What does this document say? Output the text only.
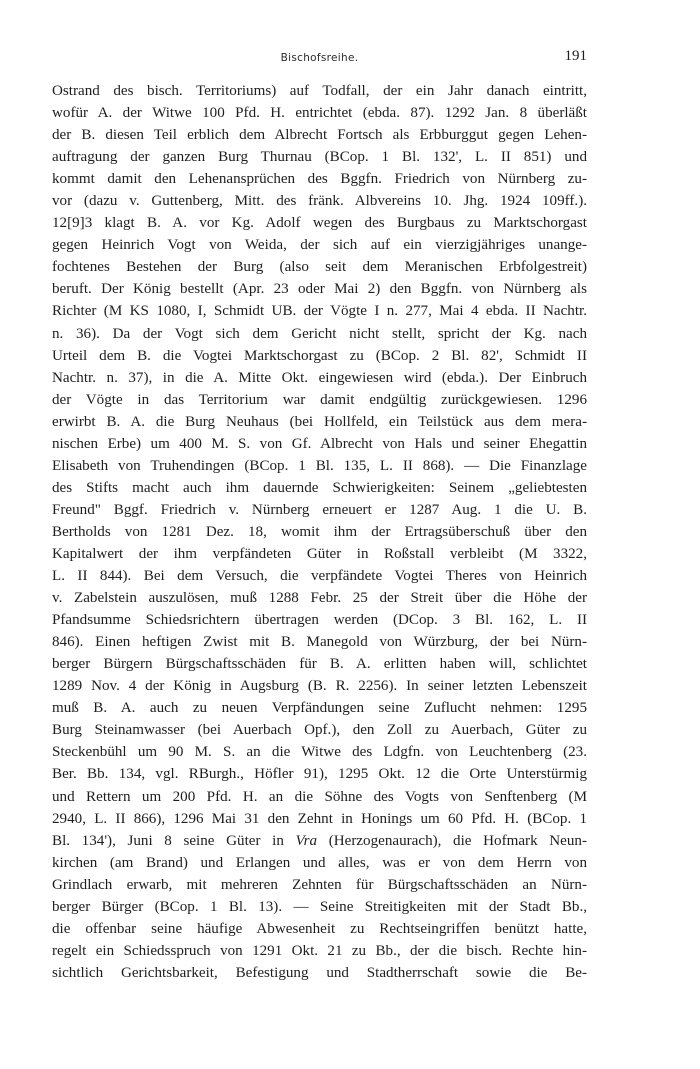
Bischofsreihe.	191
Ostrand des bisch. Territoriums) auf Todfall, der ein Jahr danach eintritt,
wofür A. der Witwe 100 Pfd. H. entrichtet (ebda. 87). 1292 Jan. 8 überläßt
der B. diesen Teil erblich dem Albrecht Fortsch als Erbburggut gegen Lehen-
auftragung der ganzen Burg Thurnau (BCop. 1 Bl. 132', L. II 851) und
kommt damit den Lehenansprüchen des Bggfn. Friedrich von Nürnberg zu-
vor (dazu v. Guttenberg, Mitt. des fränk. Albvereins 10. Jhg. 1924 109ff.).
12[9]3 klagt B. A. vor Kg. Adolf wegen des Burgbaus zu Marktschorgast
gegen Heinrich Vogt von Weida, der sich auf ein vierzigjähriges unange-
fochtenes Bestehen der Burg (also seit dem Meranischen Erbfolgestreit)
beruft. Der König bestellt (Apr. 23 oder Mai 2) den Bggfn. von Nürnberg als
Richter (M KS 1080, I, Schmidt UB. der Vögte I n. 277, Mai 4 ebda. II Nachtr.
n. 36). Da der Vogt sich dem Gericht nicht stellt, spricht der Kg. nach
Urteil dem B. die Vogtei Marktschorgast zu (BCop. 2 Bl. 82', Schmidt II
Nachtr. n. 37), in die A. Mitte Okt. eingewiesen wird (ebda.). Der Einbruch
der Vögte in das Territorium war damit endgültig zurückgewiesen. 1296
erwirbt B. A. die Burg Neuhaus (bei Hollfeld, ein Teilstück aus dem mera-
nischen Erbe) um 400 M. S. von Gf. Albrecht von Hals und seiner Ehegattin
Elisabeth von Truhendingen (BCop. 1 Bl. 135, L. II 868). — Die Finanzlage
des Stifts macht auch ihm dauernde Schwierigkeiten: Seinem „geliebtesten
Freund" Bggf. Friedrich v. Nürnberg erneuert er 1287 Aug. 1 die U. B.
Bertholds von 1281 Dez. 18, womit ihm der Ertragsüberschuß über den
Kapitalwert der ihm verpfändeten Güter in Roßstall verbleibt (M 3322,
L. II 844). Bei dem Versuch, die verpfändete Vogtei Theres von Heinrich
v. Zabelstein auszulösen, muß 1288 Febr. 25 der Streit über die Höhe der
Pfandsumme Schiedsrichtern übertragen werden (DCop. 3 Bl. 162, L. II
846). Einen heftigen Zwist mit B. Manegold von Würzburg, der bei Nürn-
berger Bürgern Bürgschaftsschäden für B. A. erlitten haben will, schlichtet
1289 Nov. 4 der König in Augsburg (B. R. 2256). In seiner letzten Lebenszeit
muß B. A. auch zu neuen Verpfändungen seine Zuflucht nehmen: 1295
Burg Steinamwasser (bei Auerbach Opf.), den Zoll zu Auerbach, Güter zu
Steckenbühl um 90 M. S. an die Witwe des Ldgfn. von Leuchtenberg (23.
Ber. Bb. 134, vgl. RBurgh., Höfler 91), 1295 Okt. 12 die Orte Unterstürmig
und Rettern um 200 Pfd. H. an die Söhne des Vogts von Senftenberg (M
2940, L. II 866), 1296 Mai 31 den Zehnt in Honings um 60 Pfd. H. (BCop. 1
Bl. 134'), Juni 8 seine Güter in Vra (Herzogenaurach), die Hofmark Neun-
kirchen (am Brand) und Erlangen und alles, was er von dem Herrn von
Grindlach erwarb, mit mehreren Zehnten für Bürgschaftsschäden an Nürn-
berger Bürger (BCop. 1 Bl. 13). — Seine Streitigkeiten mit der Stadt Bb.,
die offenbar seine häufige Abwesenheit zu Rechtseingriffen benützt hatte,
regelt ein Schiedsspruch von 1291 Okt. 21 zu Bb., der die bisch. Rechte hin-
sichtlich Gerichtsbarkeit, Befestigung und Stadtherrschaft sowie die Be-
